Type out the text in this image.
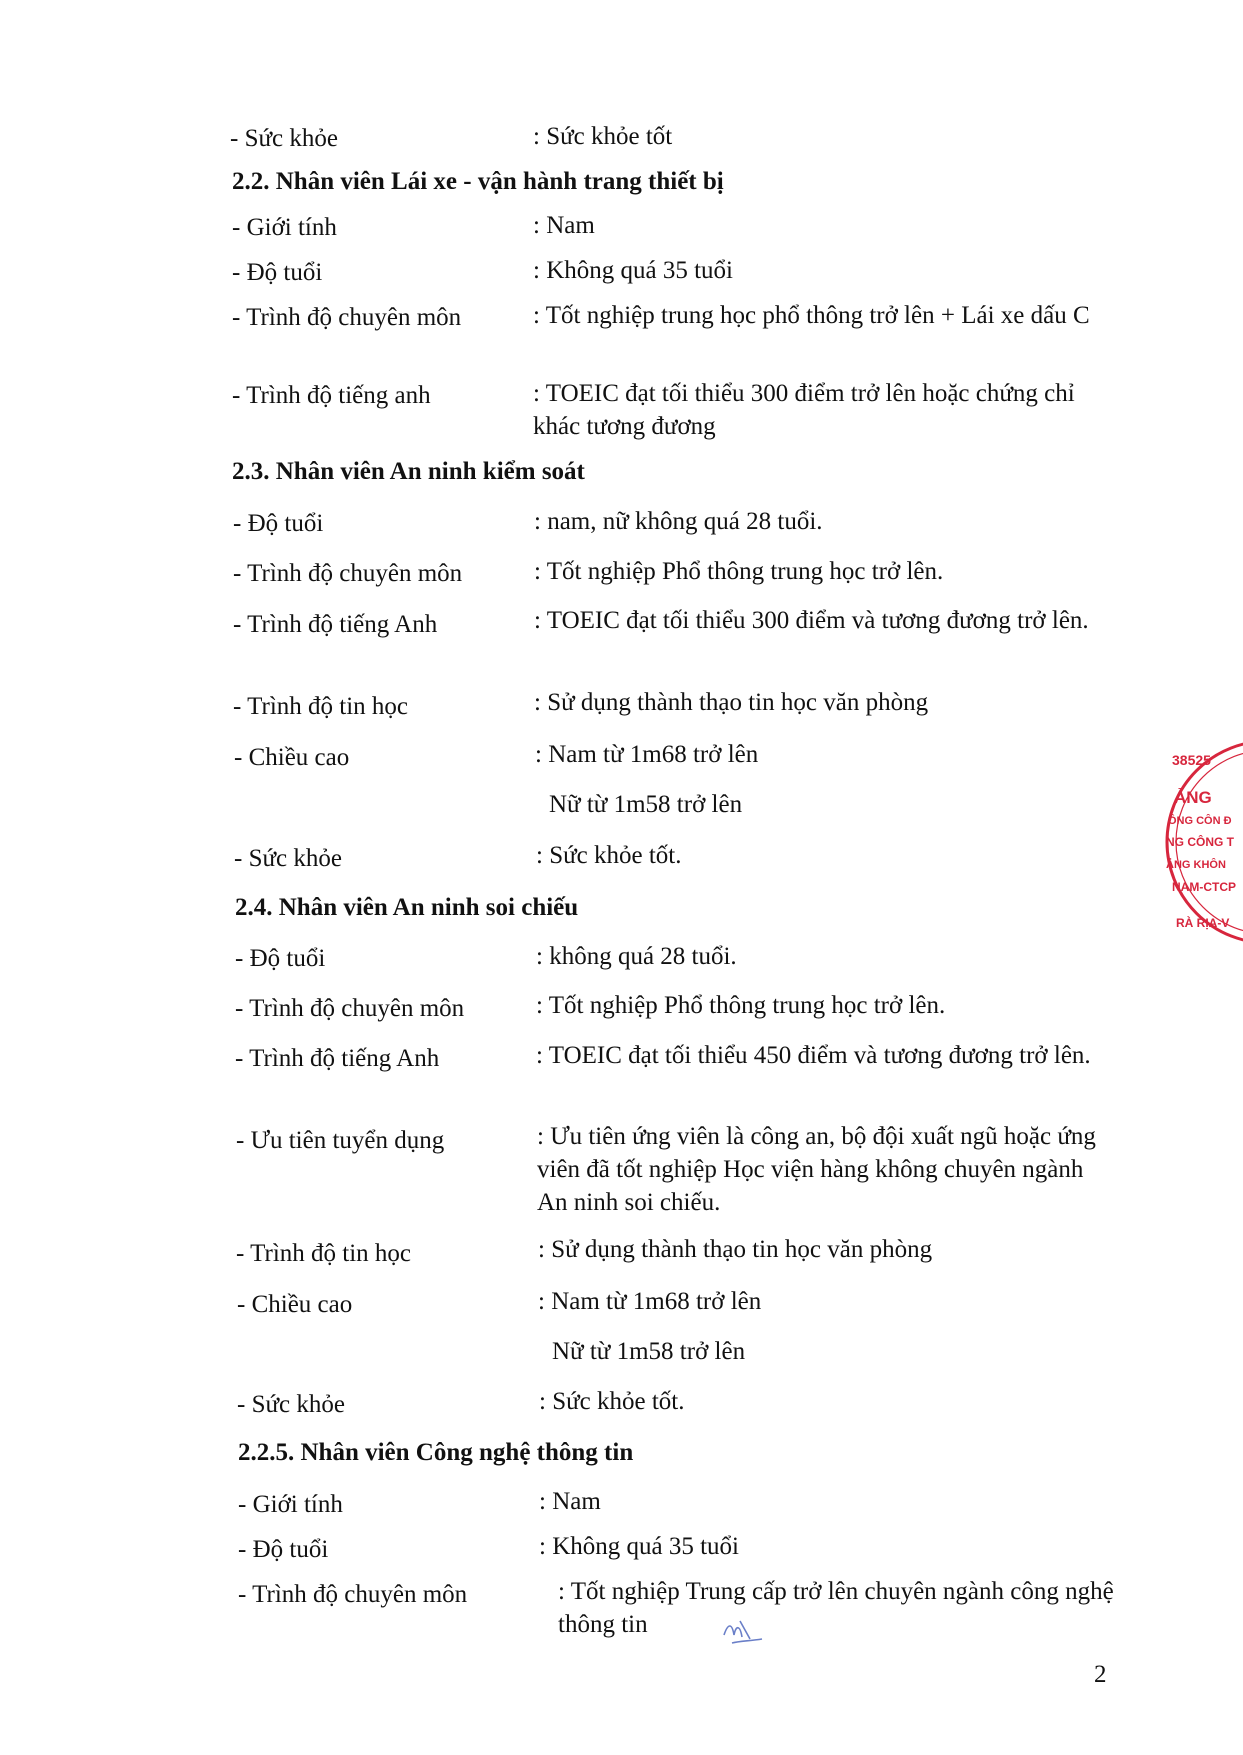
- Sức khỏe	: Sức khỏe tốt
2.2. Nhân viên Lái xe - vận hành trang thiết bị
- Giới tính	: Nam
- Độ tuổi	: Không quá 35 tuổi
- Trình độ chuyên môn	: Tốt nghiệp trung học phổ thông trở lên + Lái xe dấu C
- Trình độ tiếng anh	: TOEIC đạt tối thiểu 300 điểm trở lên hoặc chứng chỉ khác tương đương
2.3. Nhân viên An ninh kiểm soát
- Độ tuổi	: nam, nữ không quá 28 tuổi.
- Trình độ chuyên môn	: Tốt nghiệp Phổ thông trung học trở lên.
- Trình độ tiếng Anh	: TOEIC đạt tối thiểu 300 điểm và tương đương trở lên.
- Trình độ tin học	: Sử dụng thành thạo tin học văn phòng
- Chiều cao	: Nam từ 1m68 trở lên
Nữ từ 1m58 trở lên
- Sức khỏe	: Sức khỏe tốt.
2.4. Nhân viên An ninh soi chiếu
- Độ tuổi	: không quá 28 tuổi.
- Trình độ chuyên môn	: Tốt nghiệp Phổ thông trung học trở lên.
- Trình độ tiếng Anh	: TOEIC đạt tối thiểu 450 điểm và tương đương trở lên.
- Ưu tiên tuyển dụng	: Ưu tiên ứng viên là công an, bộ đội xuất ngũ hoặc ứng viên đã tốt nghiệp Học viện hàng không chuyên ngành An ninh soi chiếu.
- Trình độ tin học	: Sử dụng thành thạo tin học văn phòng
- Chiều cao	: Nam từ 1m68 trở lên
Nữ từ 1m58 trở lên
- Sức khỏe	: Sức khỏe tốt.
2.2.5. Nhân viên Công nghệ thông tin
- Giới tính	: Nam
- Độ tuổi	: Không quá 35 tuổi
- Trình độ chuyên môn	: Tốt nghiệp Trung cấp trở lên chuyên ngành công nghệ thông tin
2
38525
ẢNG
ÔNG CÔN Đ
NG CÔNG T
ẢNG KHÔN
NAM-CTCP
RÀ RỊA-V
